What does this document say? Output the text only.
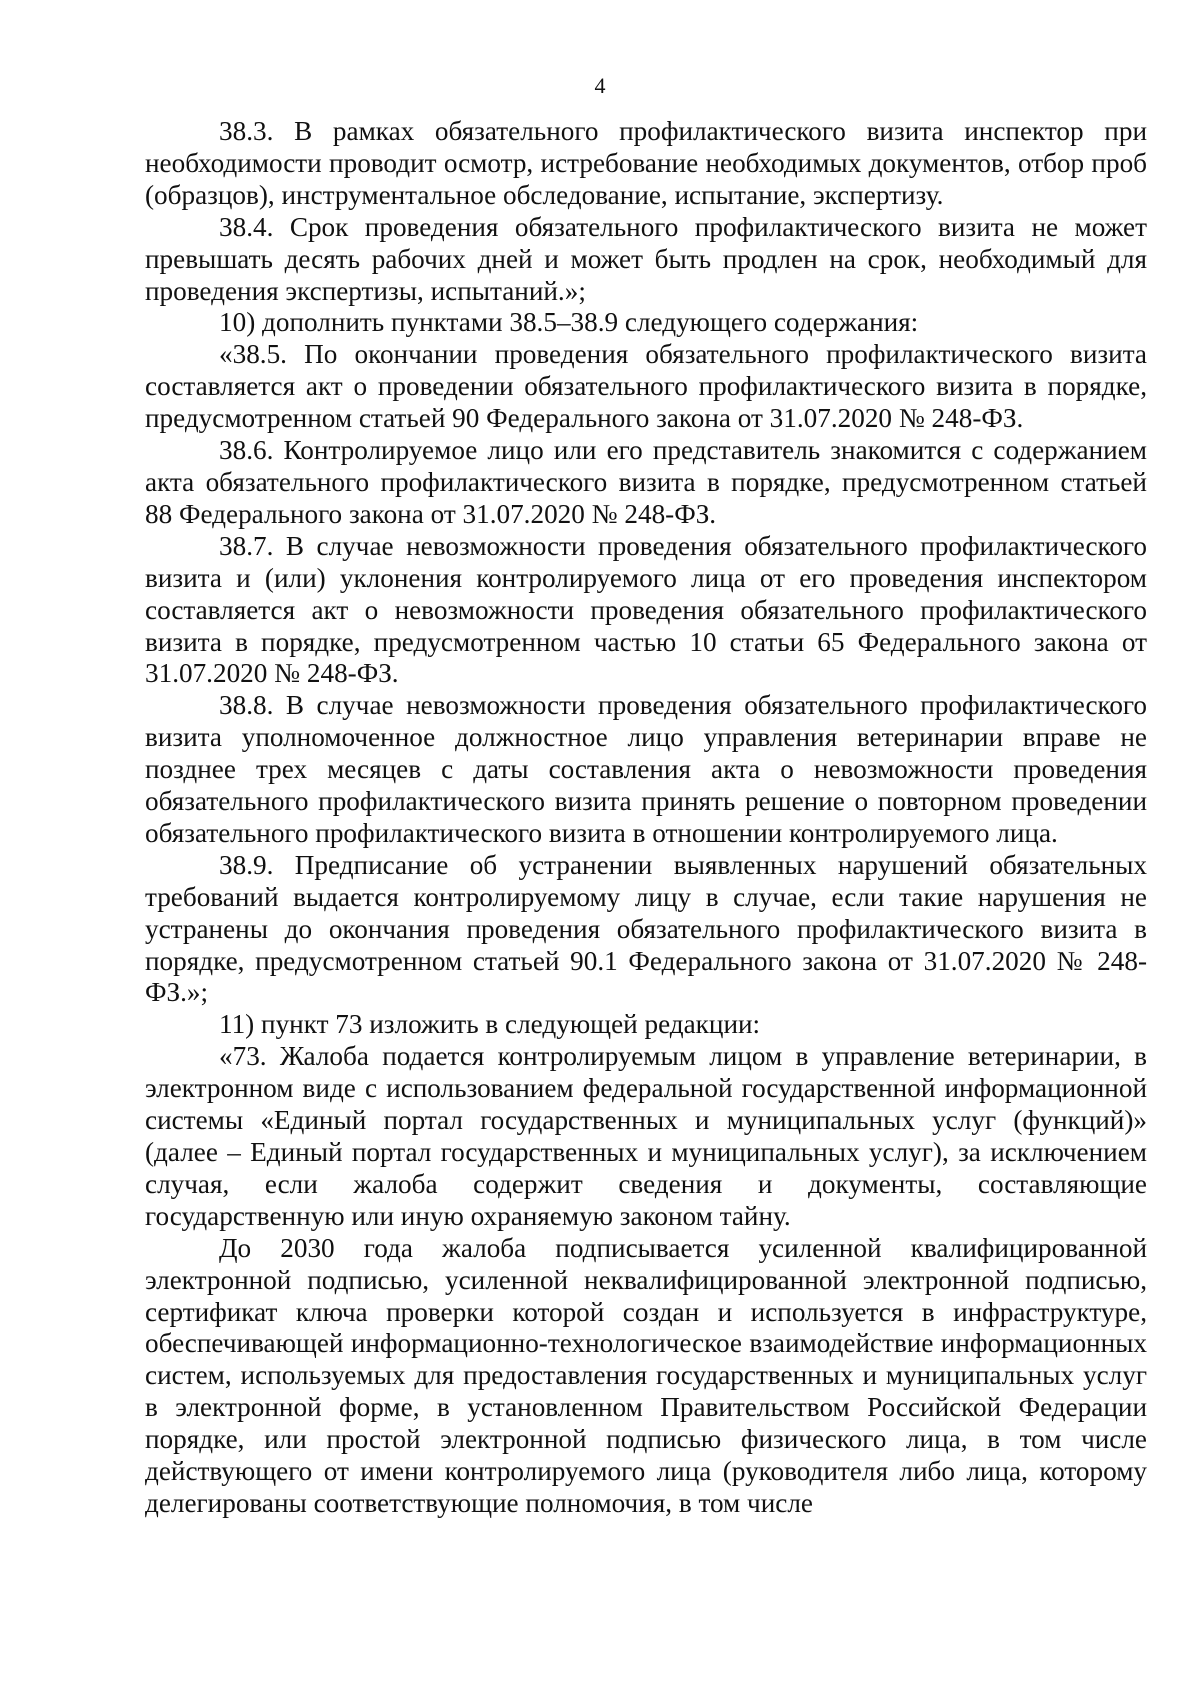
4

38.3. В рамках обязательного профилактического визита инспектор при необходимости проводит осмотр, истребование необходимых документов, отбор проб (образцов), инструментальное обследование, испытание, экспертизу.

38.4. Срок проведения обязательного профилактического визита не может превышать десять рабочих дней и может быть продлен на срок, необходимый для проведения экспертизы, испытаний.»;

10) дополнить пунктами 38.5–38.9 следующего содержания:

«38.5. По окончании проведения обязательного профилактического визита составляется акт о проведении обязательного профилактического визита в порядке, предусмотренном статьей 90 Федерального закона от 31.07.2020 № 248-ФЗ.

38.6. Контролируемое лицо или его представитель знакомится с содержанием акта обязательного профилактического визита в порядке, предусмотренном статьей 88 Федерального закона от 31.07.2020 № 248-ФЗ.

38.7. В случае невозможности проведения обязательного профилактического визита и (или) уклонения контролируемого лица от его проведения инспектором составляется акт о невозможности проведения обязательного профилактического визита в порядке, предусмотренном частью 10 статьи 65 Федерального закона от 31.07.2020 № 248-ФЗ.

38.8. В случае невозможности проведения обязательного профилактического визита уполномоченное должностное лицо управления ветеринарии вправе не позднее трех месяцев с даты составления акта о невозможности проведения обязательного профилактического визита принять решение о повторном проведении обязательного профилактического визита в отношении контролируемого лица.

38.9. Предписание об устранении выявленных нарушений обязательных требований выдается контролируемому лицу в случае, если такие нарушения не устранены до окончания проведения обязательного профилактического визита в порядке, предусмотренном статьей 90.1 Федерального закона от 31.07.2020 № 248-ФЗ.»;

11) пункт 73 изложить в следующей редакции:

«73. Жалоба подается контролируемым лицом в управление ветеринарии, в электронном виде с использованием федеральной государственной информационной системы «Единый портал государственных и муниципальных услуг (функций)» (далее – Единый портал государственных и муниципальных услуг), за исключением случая, если жалоба содержит сведения и документы, составляющие государственную или иную охраняемую законом тайну.

До 2030 года жалоба подписывается усиленной квалифицированной электронной подписью, усиленной неквалифицированной электронной подписью, сертификат ключа проверки которой создан и используется в инфраструктуре, обеспечивающей информационно-технологическое взаимодействие информационных систем, используемых для предоставления государственных и муниципальных услуг в электронной форме, в установленном Правительством Российской Федерации порядке, или простой электронной подписью физического лица, в том числе действующего от имени контролируемого лица (руководителя либо лица, которому делегированы соответствующие полномочия, в том числе
